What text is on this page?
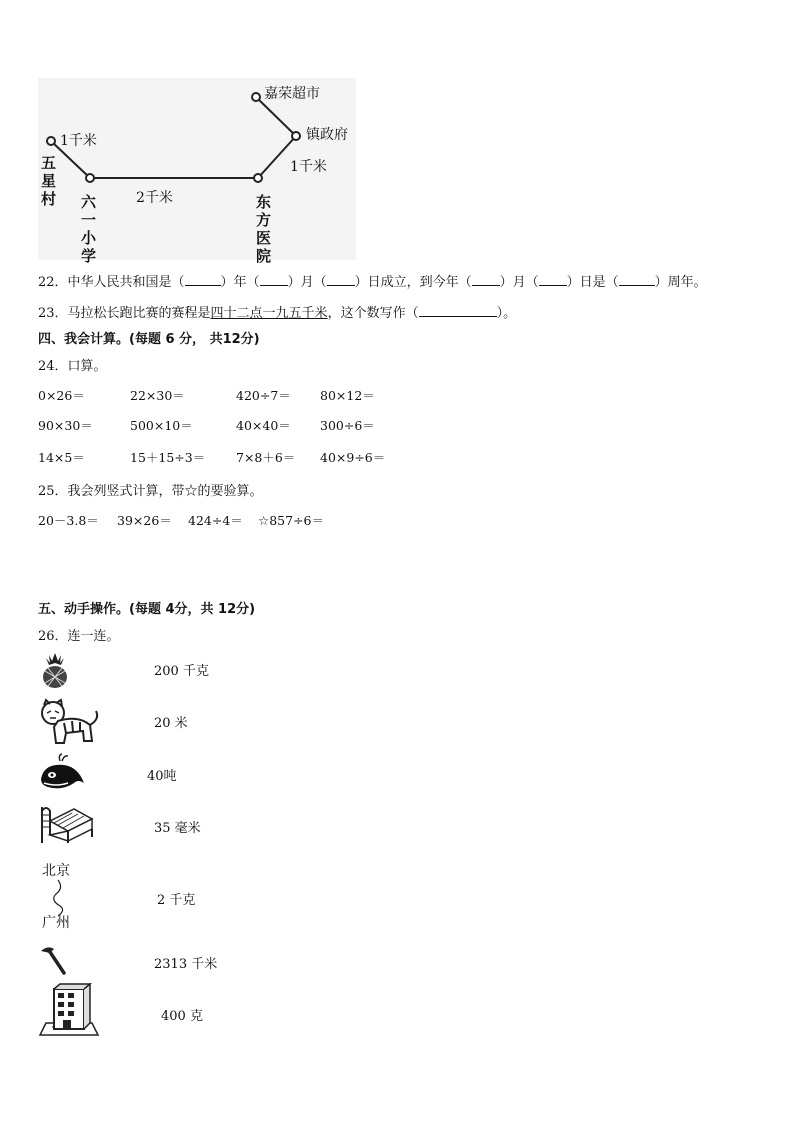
嘉荣超市
镇政府
1千米
2千米
1千米
五星村 六一小学
东方医院
22．中华人民共和国是（	）年（ ）月（ ）日成立，到今年（ ）月（ ）日是（	）周年。
23．马拉松长跑比赛的赛程是四十二点一九五千米，这个数写作（	）。
四、我会计算。(每题 6 分， 共12分)
24．口算。
0×26＝	22×30＝	420÷7＝ 80×12＝
90×30＝	500×10＝	40×40＝ 300÷6＝
14×5＝	15＋15÷3＝ 7×8＋6＝ 40×9÷6＝
25．我会列竖式计算，带☆的要验算。
20－3.8＝ 39×26＝ 424÷4＝ ☆857÷6＝
五、动手操作。(每题 4分，共 12分)
26．连一连。
北京
广州
200 千克
20 米
40吨
35 毫米
2 千克
2313 千米
400 克
